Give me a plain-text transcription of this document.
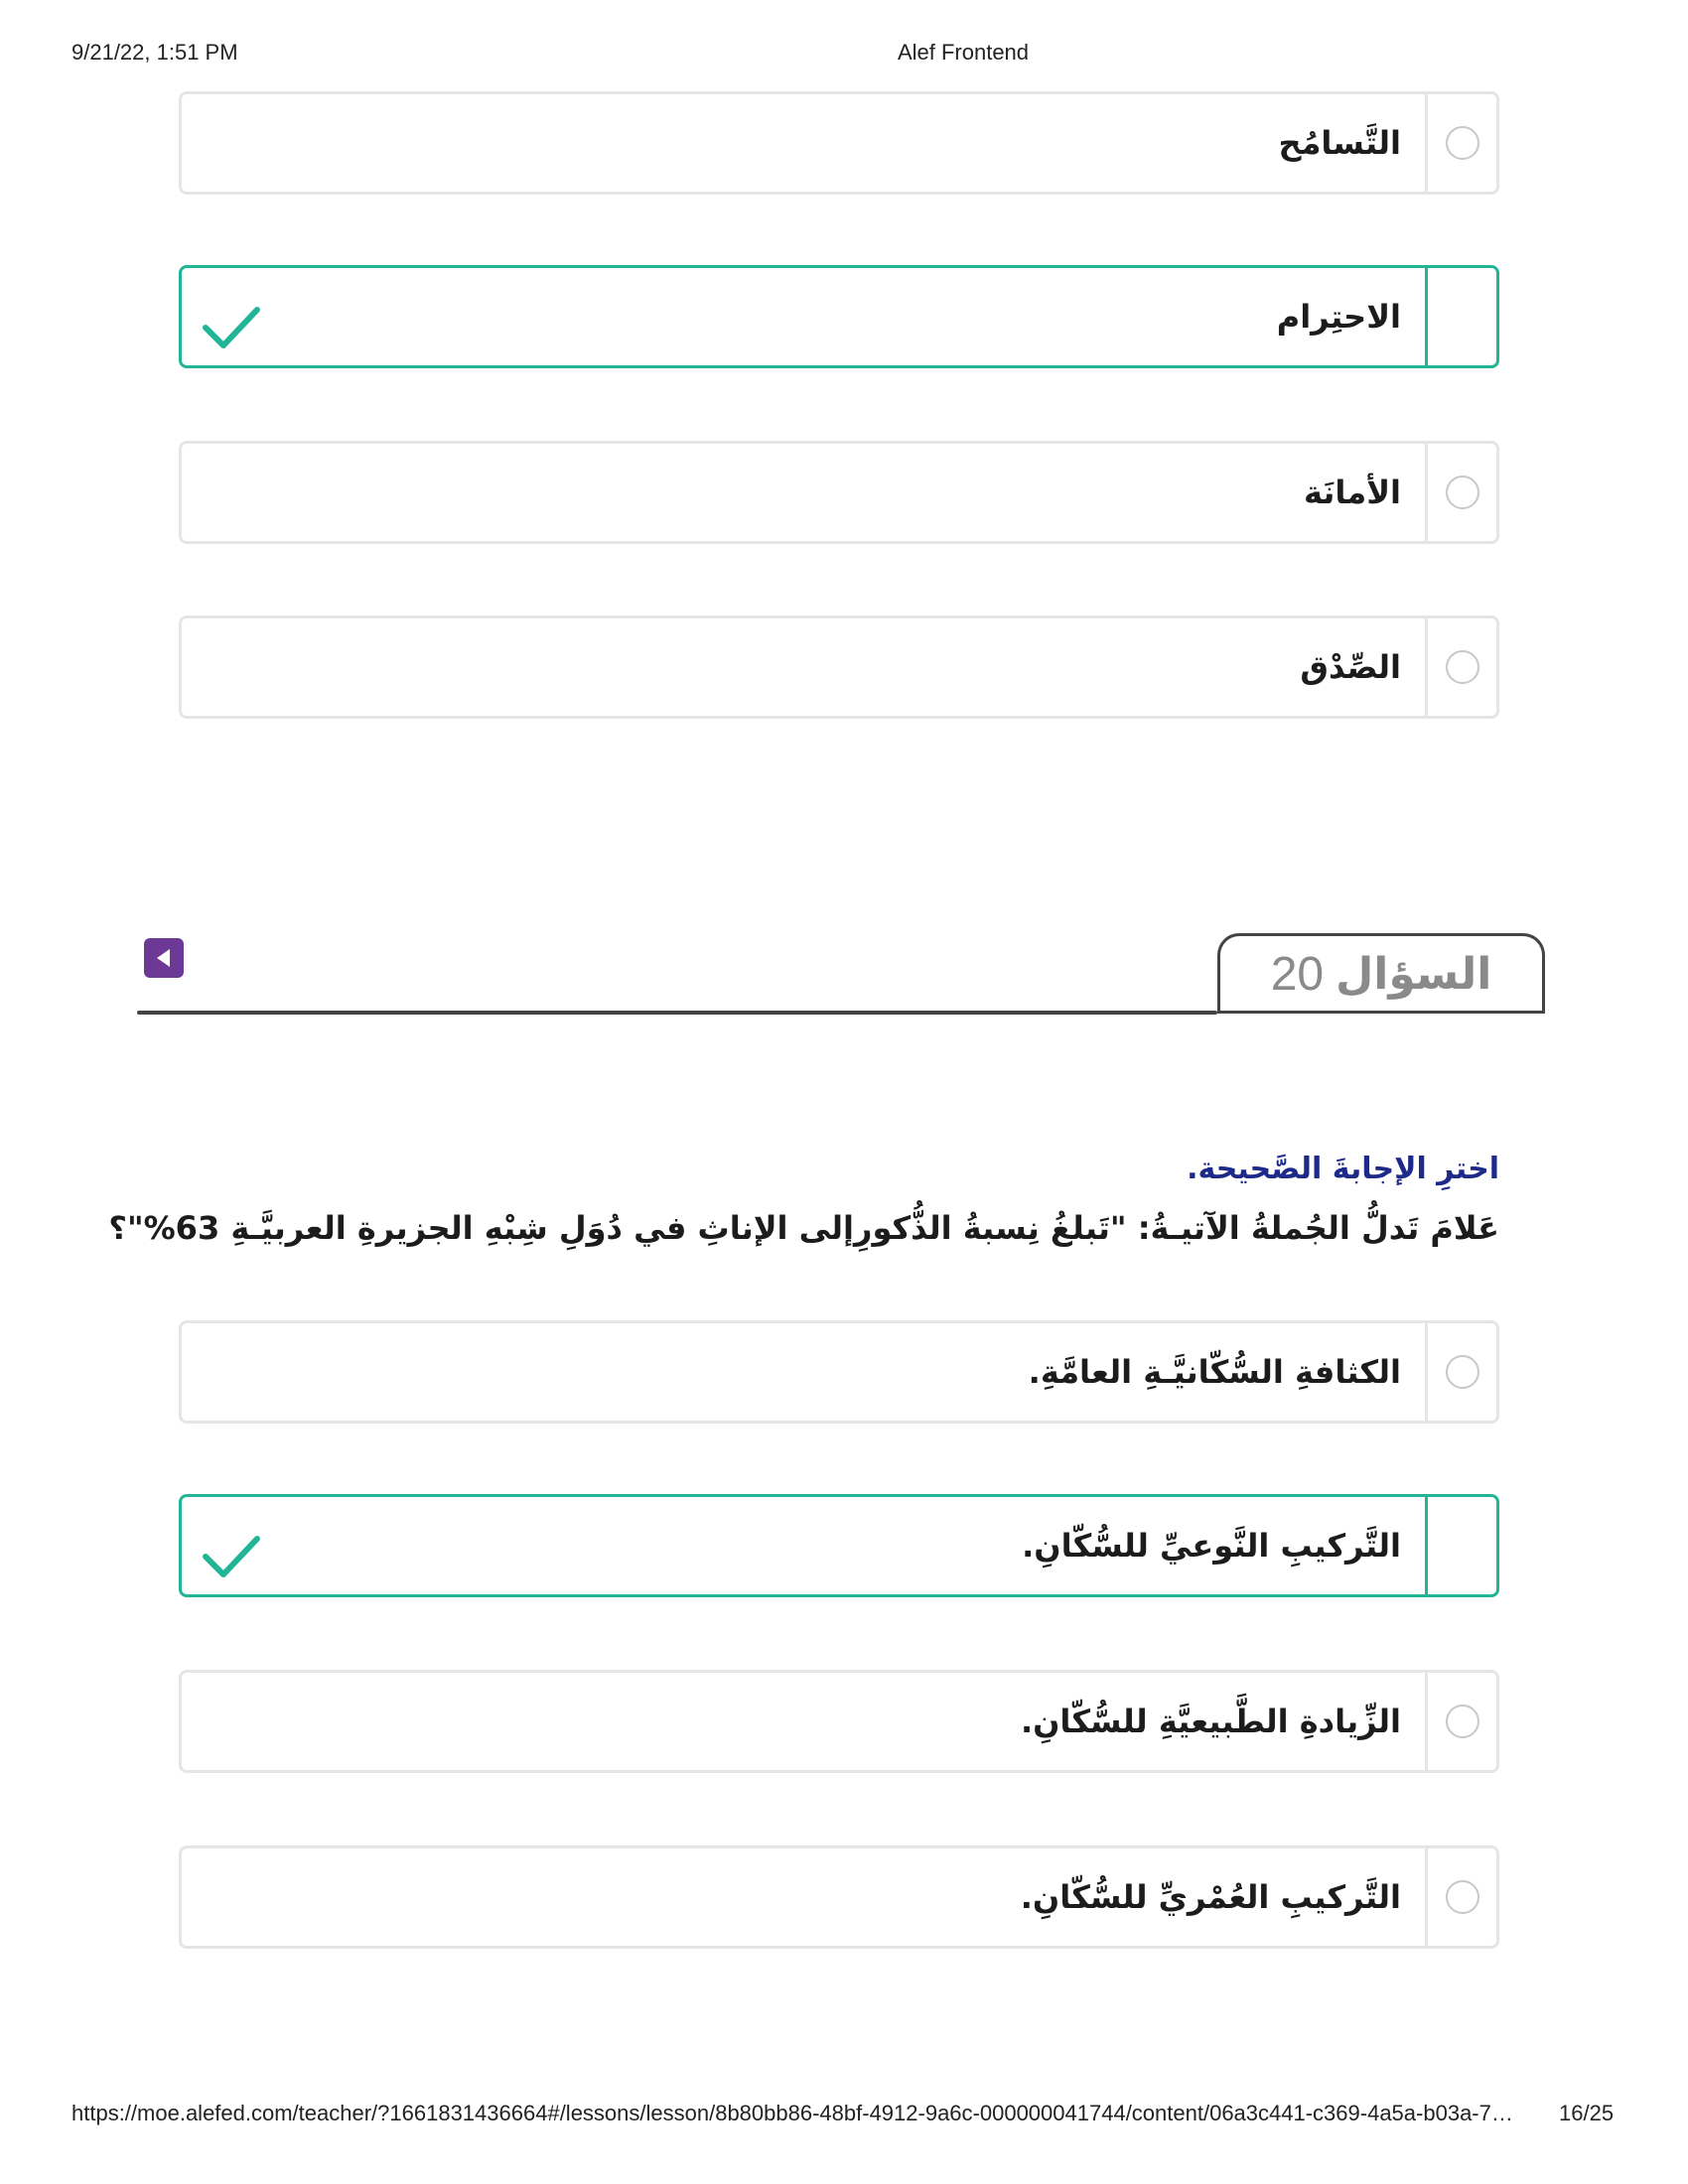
9/21/22, 1:51 PM	Alef Frontend
التَّسامُح
الاحتِرام
الأمانَة
الصِّدْق
السؤال
20
اخترِ الإجابةَ الصَّحيحة.
عَلامَ تَدلُّ الجُملةُ الآتيـةُ: "تَبلغُ نِسبةُ الذُّكورِإلى الإناثِ في دُوَلِ شِبْهِ الجزيرةِ العربيَّـةِ 63%"؟
الكثافةِ السُّكّانيَّـةِ العامَّةِ.
التَّركيبِ النَّوعيِّ للسُّكّانِ.
الزِّيادةِ الطَّبيعيَّةِ للسُّكّانِ.
التَّركيبِ العُمْريِّ للسُّكّانِ.
https://moe.alefed.com/teacher/?1661831436664#/lessons/lesson/8b80bb86-48bf-4912-9a6c-000000041744/content/06a3c441-c369-4a5a-b03a-7…	16/25
